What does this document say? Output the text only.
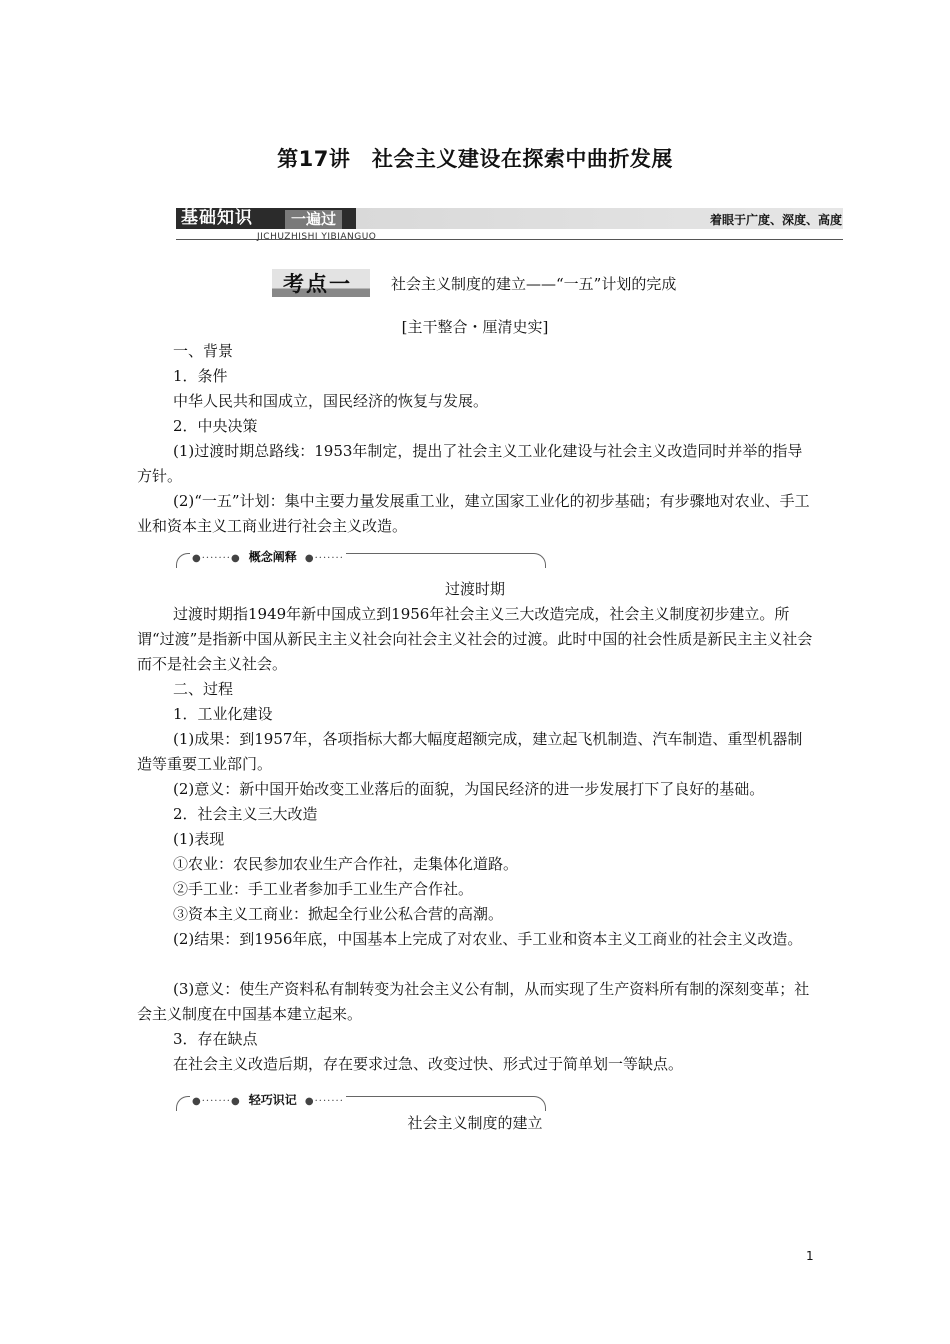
第17讲　社会主义建设在探索中曲折发展
基础知识	一遍过	着眼于广度、深度、高度
JICHUZHISHI YIBIANGUO
考点一	社会主义制度的建立——“一五”计划的完成
[主干整合・厘清史实]
一、背景
1．条件
中华人民共和国成立，国民经济的恢复与发展。
2．中央决策
(1)过渡时期总路线：1953年制定，提出了社会主义工业化建设与社会主义改造同时并举的指导方针。
(2)“一五”计划：集中主要力量发展重工业，建立国家工业化的初步基础；有步骤地对农业、手工业和资本主义工商业进行社会主义改造。
●·······● 概念阐释 ●·······
过渡时期
过渡时期指1949年新中国成立到1956年社会主义三大改造完成，社会主义制度初步建立。所谓“过渡”是指新中国从新民主主义社会向社会主义社会的过渡。此时中国的社会性质是新民主主义社会而不是社会主义社会。
二、过程
1．工业化建设
(1)成果：到1957年，各项指标大都大幅度超额完成，建立起飞机制造、汽车制造、重型机器制造等重要工业部门。
(2)意义：新中国开始改变工业落后的面貌，为国民经济的进一步发展打下了良好的基础。
2．社会主义三大改造
(1)表现
①农业：农民参加农业生产合作社，走集体化道路。
②手工业：手工业者参加手工业生产合作社。
③资本主义工商业：掀起全行业公私合营的高潮。
(2)结果：到1956年底，中国基本上完成了对农业、手工业和资本主义工商业的社会主义改造。
(3)意义：使生产资料私有制转变为社会主义公有制，从而实现了生产资料所有制的深刻变革；社会主义制度在中国基本建立起来。
3．存在缺点
在社会主义改造后期，存在要求过急、改变过快、形式过于简单划一等缺点。
●·······● 轻巧识记 ●·······
社会主义制度的建立
1
